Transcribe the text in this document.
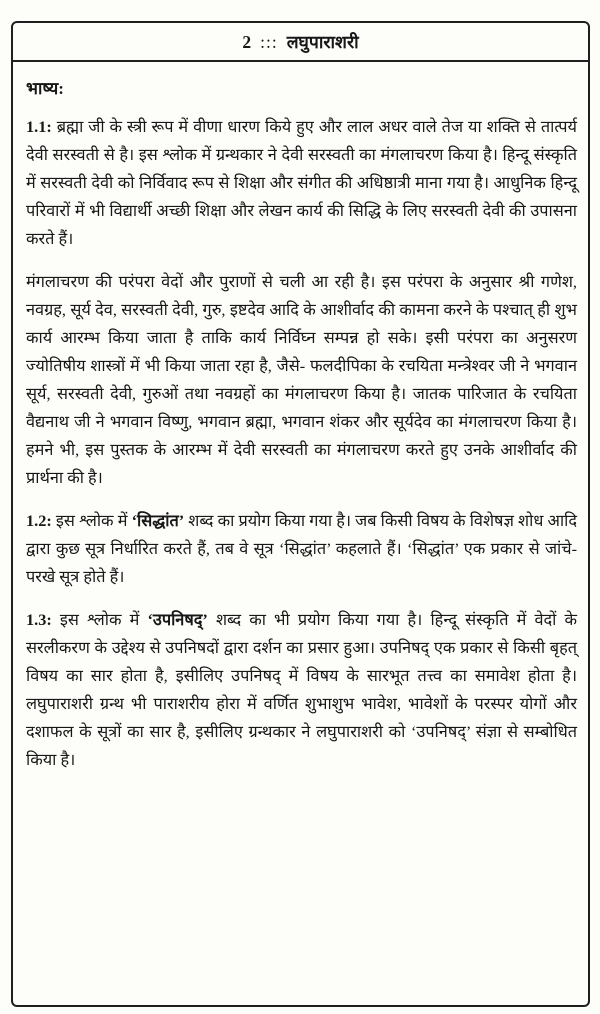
2 ::: लघुपाराशरी
भाष्य:

1.1: ब्रह्मा जी के स्त्री रूप में वीणा धारण किये हुए और लाल अधर वाले तेज या शक्ति से तात्पर्य देवी सरस्वती से है। इस श्लोक में ग्रन्थकार ने देवी सरस्वती का मंगलाचरण किया है। हिन्दू संस्कृति में सरस्वती देवी को निर्विवाद रूप से शिक्षा और संगीत की अधिष्ठात्री माना गया है। आधुनिक हिन्दू परिवारों में भी विद्यार्थी अच्छी शिक्षा और लेखन कार्य की सिद्धि के लिए सरस्वती देवी की उपासना करते हैं।

मंगलाचरण की परंपरा वेदों और पुराणों से चली आ रही है। इस परंपरा के अनुसार श्री गणेश, नवग्रह, सूर्य देव, सरस्वती देवी, गुरु, इष्टदेव आदि के आशीर्वाद की कामना करने के पश्चात् ही शुभ कार्य आरम्भ किया जाता है ताकि कार्य निर्विघ्न सम्पन्न हो सके। इसी परंपरा का अनुसरण ज्योतिषीय शास्त्रों में भी किया जाता रहा है, जैसे- फलदीपिका के रचयिता मन्त्रेश्वर जी ने भगवान सूर्य, सरस्वती देवी, गुरुओं तथा नवग्रहों का मंगलाचरण किया है। जातक पारिजात के रचयिता वैद्यनाथ जी ने भगवान विष्णु, भगवान ब्रह्मा, भगवान शंकर और सूर्यदेव का मंगलाचरण किया है। हमने भी, इस पुस्तक के आरम्भ में देवी सरस्वती का मंगलाचरण करते हुए उनके आशीर्वाद की प्रार्थना की है।

1.2: इस श्लोक में ‘सिद्धांत’ शब्द का प्रयोग किया गया है। जब किसी विषय के विशेषज्ञ शोध आदि द्वारा कुछ सूत्र निर्धारित करते हैं, तब वे सूत्र ‘सिद्धांत’ कहलाते हैं। ‘सिद्धांत’ एक प्रकार से जांचे-परखे सूत्र होते हैं।

1.3: इस श्लोक में ‘उपनिषद्’ शब्द का भी प्रयोग किया गया है। हिन्दू संस्कृति में वेदों के सरलीकरण के उद्देश्य से उपनिषदों द्वारा दर्शन का प्रसार हुआ। उपनिषद् एक प्रकार से किसी बृहत् विषय का सार होता है, इसीलिए उपनिषद् में विषय के सारभूत तत्त्व का समावेश होता है। लघुपाराशरी ग्रन्थ भी पाराशरीय होरा में वर्णित शुभाशुभ भावेश, भावेशों के परस्पर योगों और दशाफल के सूत्रों का सार है, इसीलिए ग्रन्थकार ने लघुपाराशरी को ‘उपनिषद्’ संज्ञा से सम्बोधित किया है।
